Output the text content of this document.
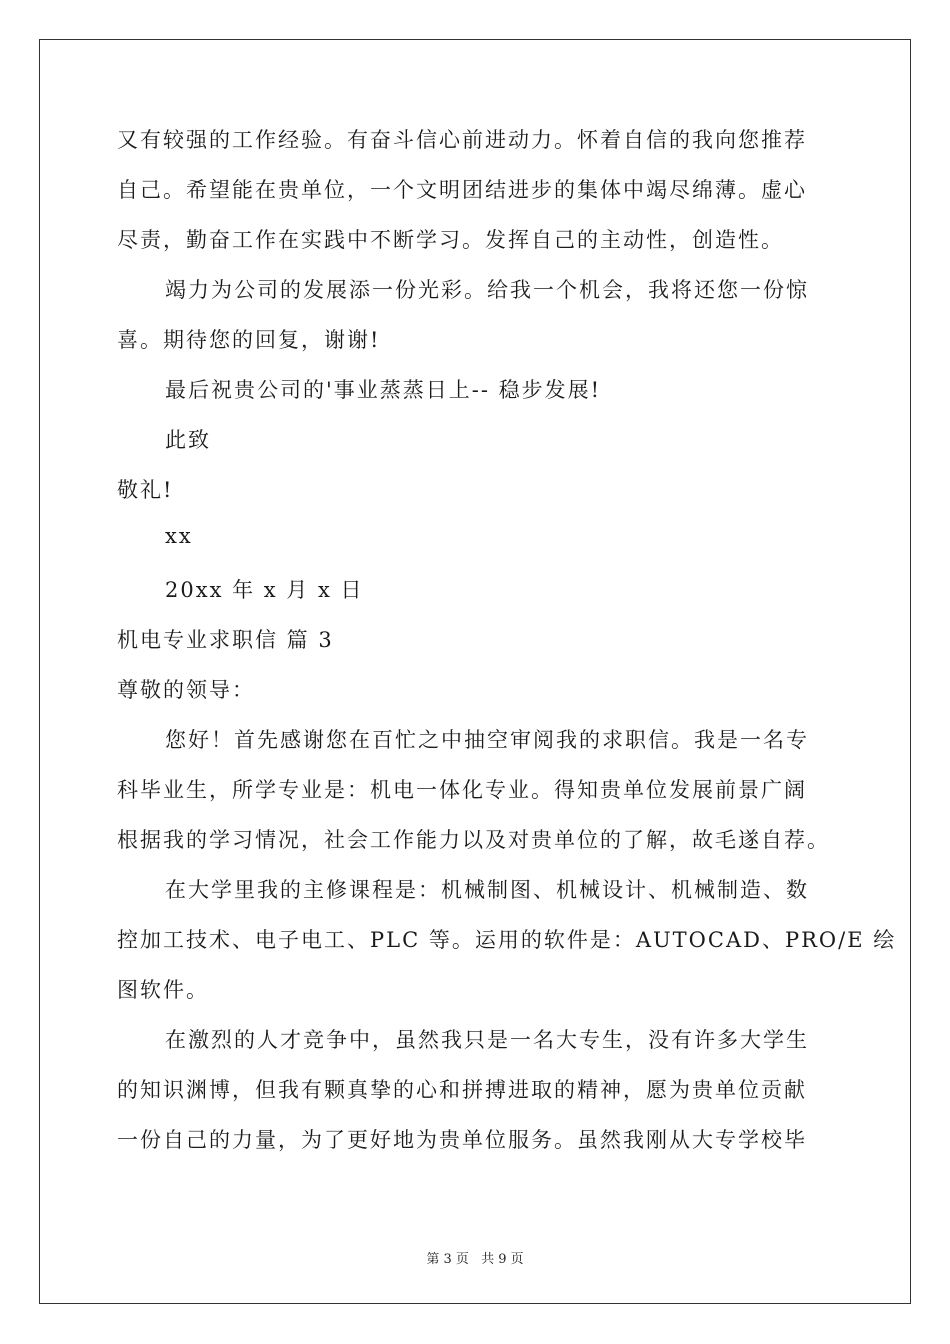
又有较强的工作经验。有奋斗信心前进动力。怀着自信的我向您推荐
自己。希望能在贵单位，一个文明团结进步的集体中竭尽绵薄。虚心
尽责，勤奋工作在实践中不断学习。发挥自己的主动性，创造性。
竭力为公司的发展添一份光彩。给我一个机会，我将还您一份惊
喜。期待您的回复，谢谢!
最后祝贵公司的'事业蒸蒸日上-- 稳步发展!
此致
敬礼!
xx
20xx 年 x 月 x 日
机电专业求职信 篇 3
尊敬的领导：
您好！首先感谢您在百忙之中抽空审阅我的求职信。我是一名专
科毕业生，所学专业是：机电一体化专业。得知贵单位发展前景广阔
根据我的学习情况，社会工作能力以及对贵单位的了解，故毛遂自荐。
在大学里我的主修课程是：机械制图、机械设计、机械制造、数
控加工技术、电子电工、PLC 等。运用的软件是：AUTOCAD、PRO/E 绘
图软件。
在激烈的人才竞争中，虽然我只是一名大专生，没有许多大学生
的知识渊博，但我有颗真挚的心和拼搏进取的精神，愿为贵单位贡献
一份自己的力量，为了更好地为贵单位服务。虽然我刚从大专学校毕
第 3 页 共 9 页
